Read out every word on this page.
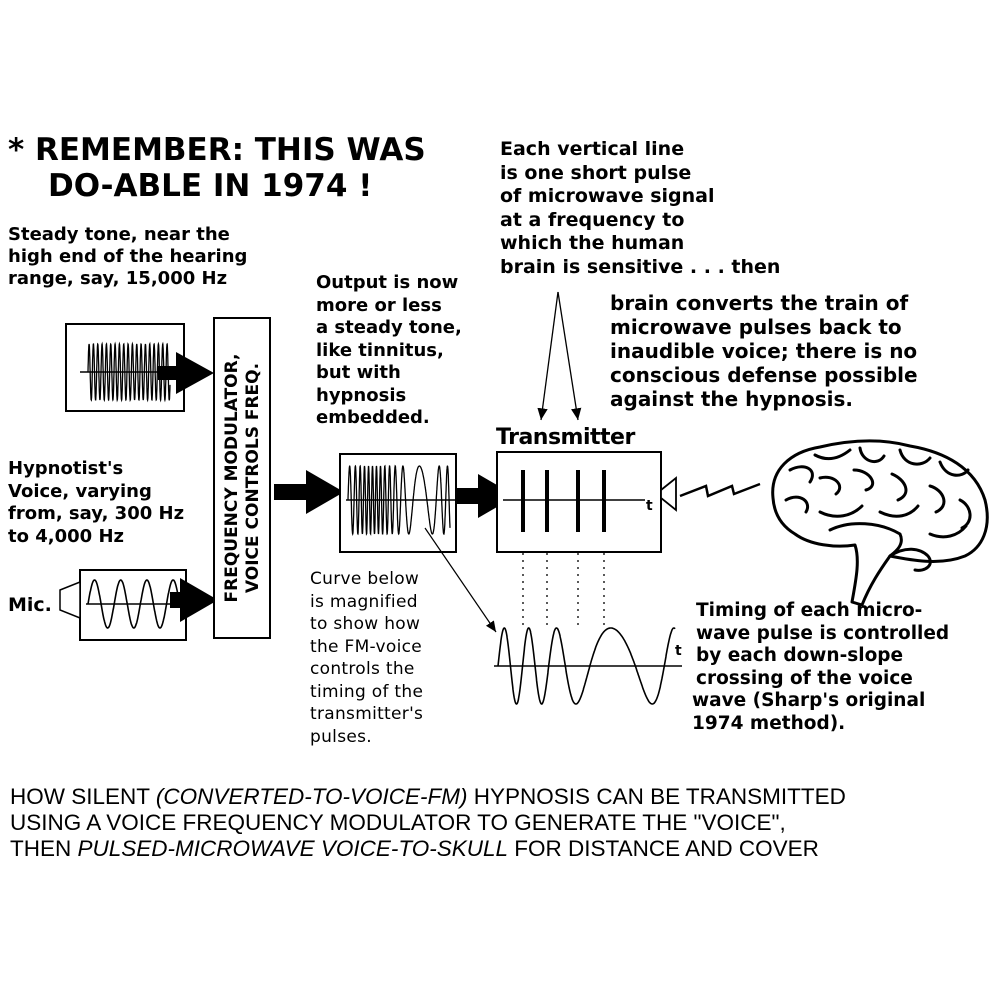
* REMEMBER: THIS WAS
DO-ABLE IN 1974 !
Each vertical line
is one short pulse
of microwave signal
at a frequency to
which the human
brain is sensitive . . . then
brain converts the train of
microwave pulses back to
inaudible voice; there is no
conscious defense possible
against the hypnosis.
Steady tone, near the
high end of the hearing
range, say, 15,000 Hz	Output is now
more or less
a steady tone,
like tinnitus,
but with
hypnosis
embedded.
Hypnotist's
Voice, varying
from, say, 300 Hz
to 4,000 Hz
Mic.
Curve below
is magnified
to show how
the FM-voice
controls the
timing of the
transmitter's
pulses.
Timing of each micro-
wave pulse is controlled
by each down-slope
crossing of the voice
wave (Sharp's original
1974 method).
Transmitter
t
t
FREQUENCY MODULATOR, VOICE CONTROLS FREQ.
HOW SILENT (CONVERTED-TO-VOICE-FM) HYPNOSIS CAN BE TRANSMITTED
USING A VOICE FREQUENCY MODULATOR TO GENERATE THE "VOICE",
THEN PULSED-MICROWAVE VOICE-TO-SKULL FOR DISTANCE AND COVER
